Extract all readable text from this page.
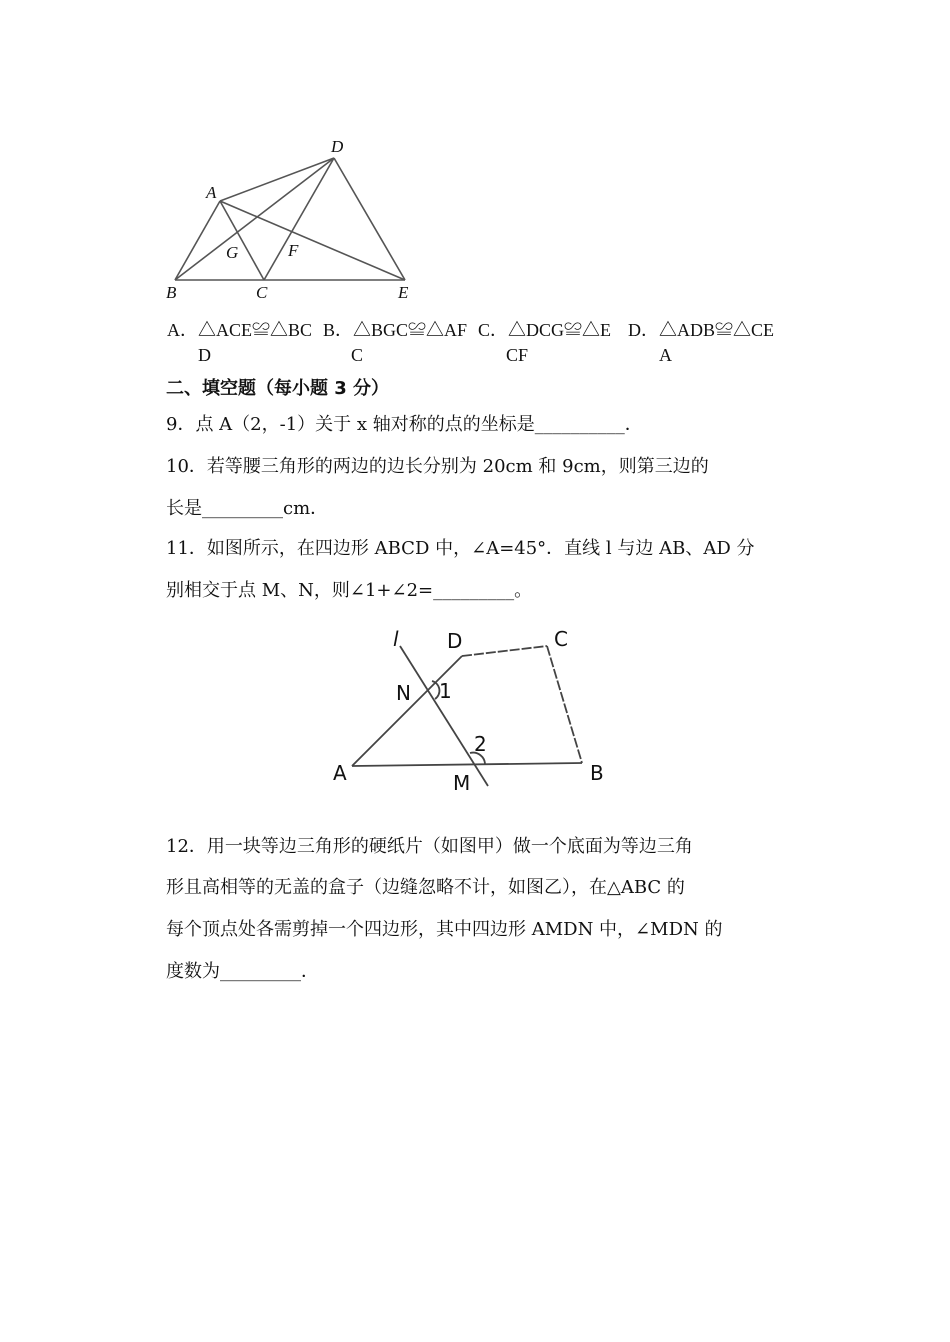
D
A
G	F
B	C	E
A．△ACE≌△BC
D
B．△BGC≌△AF
C
C．△DCG≌△E
CF
D．△ADB≌△CE
A
二、填空题（每小题 3 分）
9．点 A（2，-1）关于 x 轴对称的点的坐标是__________．
10．若等腰三角形的两边的边长分别为 20cm 和 9cm，则第三边的
长是_________cm．
11．如图所示，在四边形 ABCD 中，∠A=45°．直线 l 与边 AB、AD 分
别相交于点 M、N，则∠1+∠2=_________。
l D	C
N 1
2
A	M	B
12．用一块等边三角形的硬纸片（如图甲）做一个底面为等边三角
形且高相等的无盖的盒子（边缝忽略不计，如图乙），在△ABC 的
每个顶点处各需剪掉一个四边形，其中四边形 AMDN 中，∠MDN 的
度数为_________．
